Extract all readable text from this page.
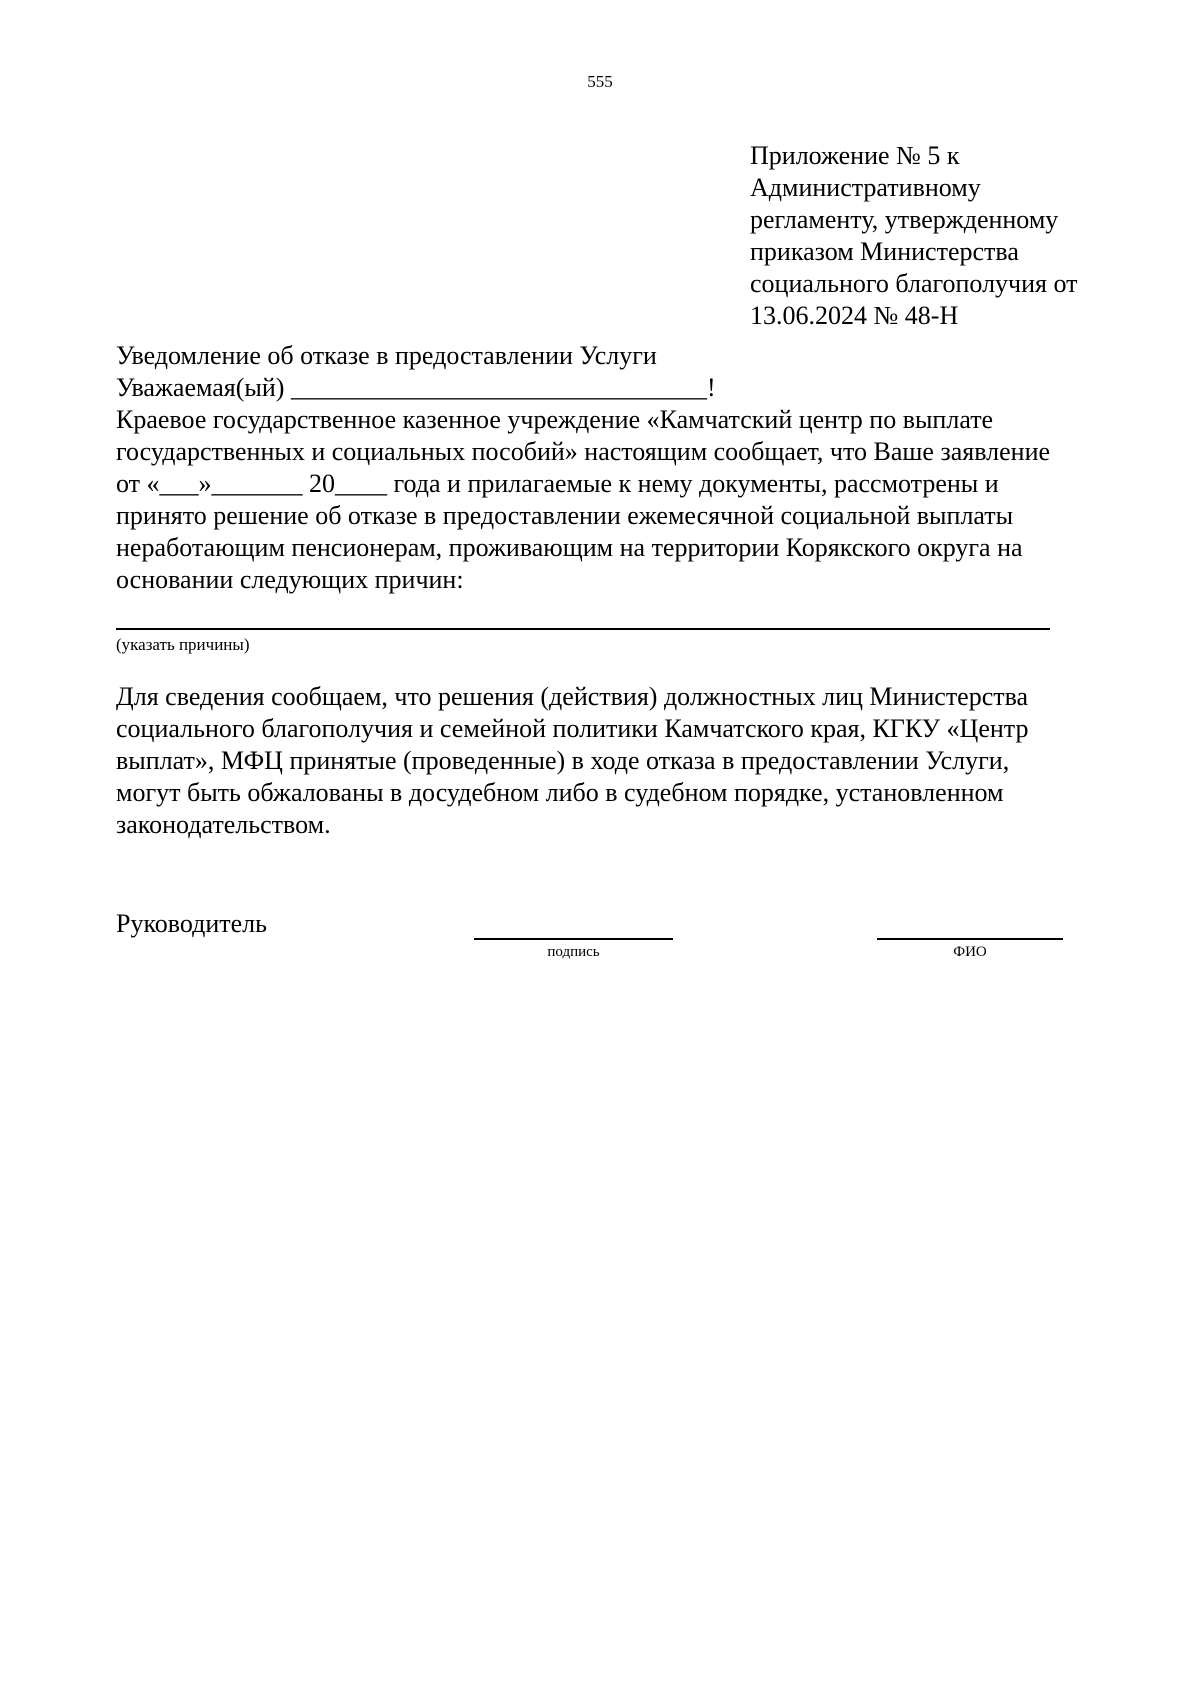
555
Приложение № 5 к
Административному
регламенту, утвержденному
приказом Министерства
социального благополучия от
13.06.2024 № 48-Н
Уведомление об отказе в предоставлении Услуги
Уважаемая(ый) ________________________________!
Краевое государственное казенное учреждение «Камчатский центр по выплате
государственных и социальных пособий» настоящим сообщает, что Ваше заявление
от «___»_______ 20____ года и прилагаемые к нему документы, рассмотрены и
принято решение об отказе в предоставлении ежемесячной социальной выплаты
неработающим пенсионерам, проживающим на территории Корякского округа на
основании следующих причин:
(указать причины)
Для сведения сообщаем, что решения (действия) должностных лиц Министерства
социального благополучия и семейной политики Камчатского края, КГКУ «Центр
выплат», МФЦ принятые (проведенные) в ходе отказа в предоставлении Услуги,
могут быть обжалованы в досудебном либо в судебном порядке, установленном
законодательством.
Руководитель
подпись	ФИО
